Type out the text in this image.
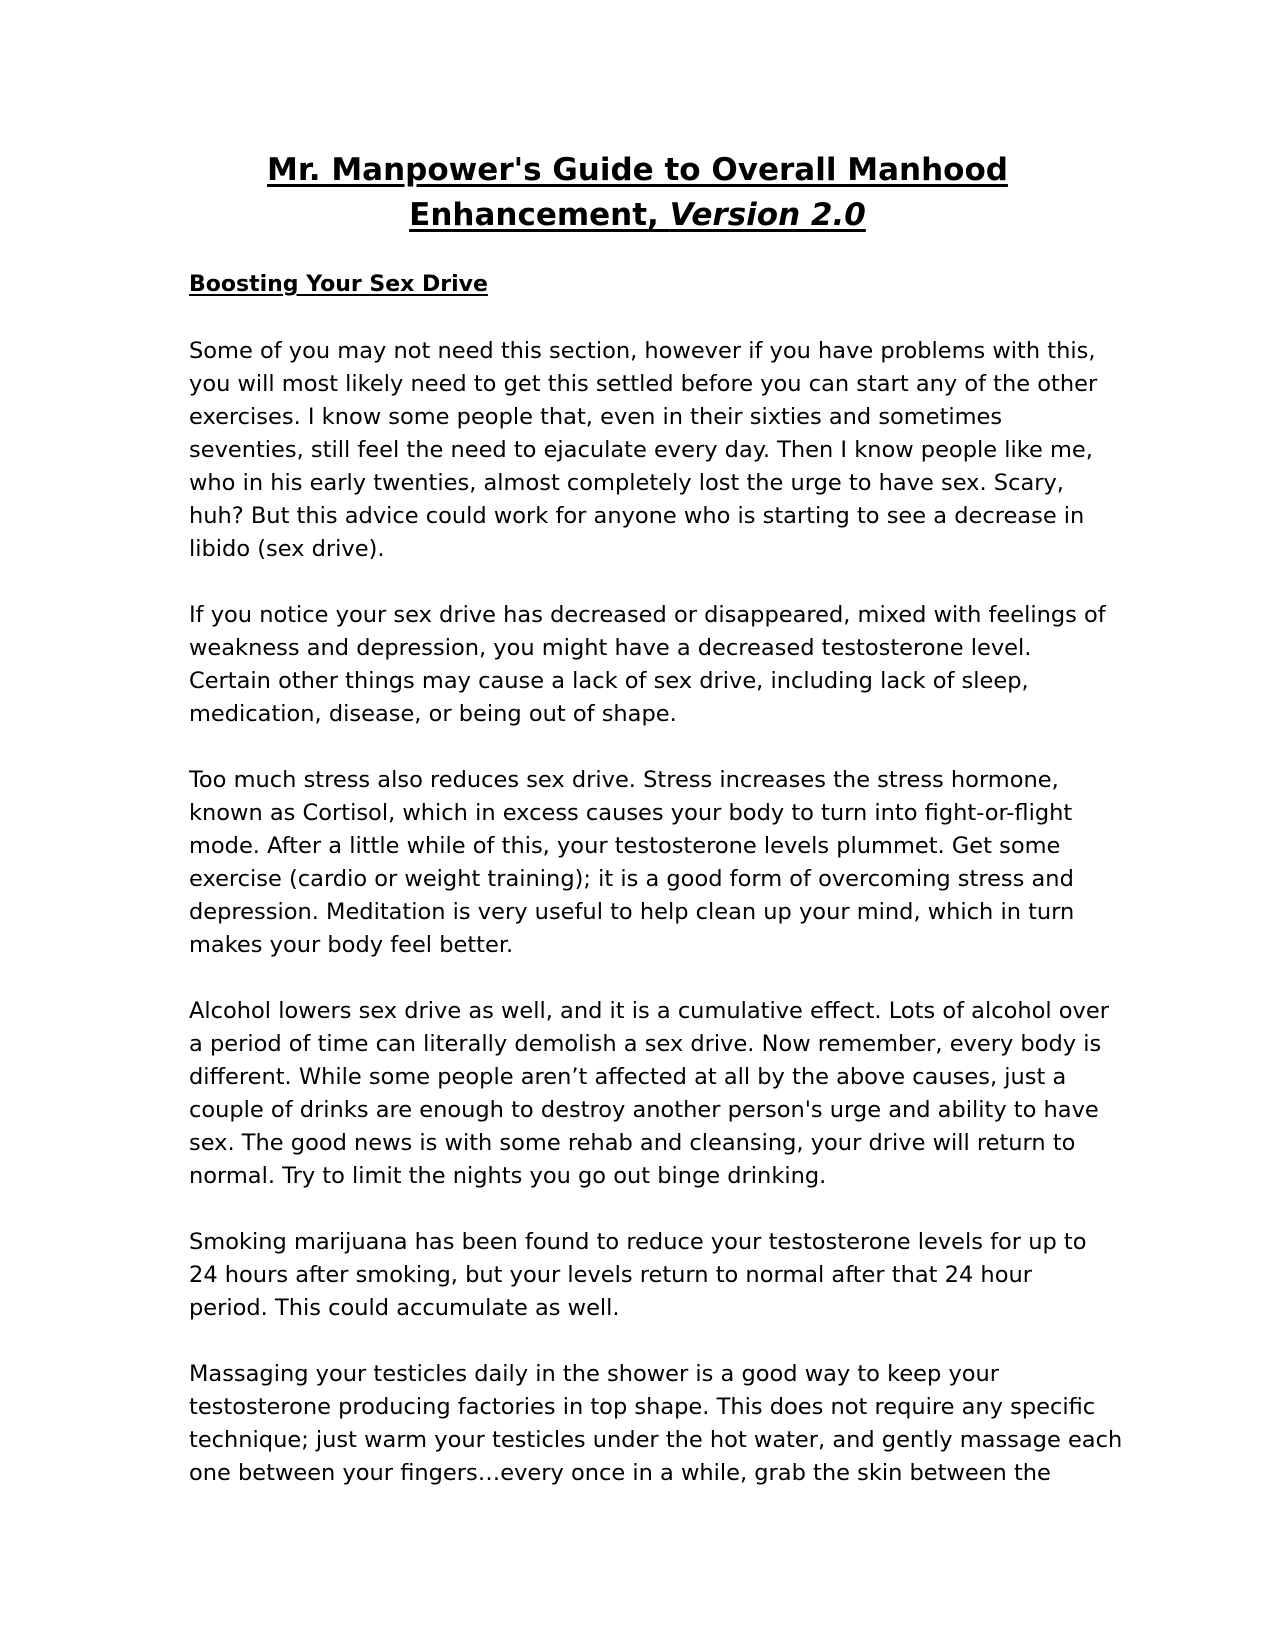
Mr. Manpower's Guide to Overall Manhood
Enhancement, Version 2.0
Boosting Your Sex Drive

Some of you may not need this section, however if you have problems with this,
you will most likely need to get this settled before you can start any of the other
exercises. I know some people that, even in their sixties and sometimes
seventies, still feel the need to ejaculate every day. Then I know people like me,
who in his early twenties, almost completely lost the urge to have sex. Scary,
huh? But this advice could work for anyone who is starting to see a decrease in
libido (sex drive).

If you notice your sex drive has decreased or disappeared, mixed with feelings of
weakness and depression, you might have a decreased testosterone level.
Certain other things may cause a lack of sex drive, including lack of sleep,
medication, disease, or being out of shape.

Too much stress also reduces sex drive. Stress increases the stress hormone,
known as Cortisol, which in excess causes your body to turn into fight-or-flight
mode. After a little while of this, your testosterone levels plummet. Get some
exercise (cardio or weight training); it is a good form of overcoming stress and
depression. Meditation is very useful to help clean up your mind, which in turn
makes your body feel better.

Alcohol lowers sex drive as well, and it is a cumulative effect. Lots of alcohol over
a period of time can literally demolish a sex drive. Now remember, every body is
different. While some people aren’t affected at all by the above causes, just a
couple of drinks are enough to destroy another person's urge and ability to have
sex. The good news is with some rehab and cleansing, your drive will return to
normal. Try to limit the nights you go out binge drinking.

Smoking marijuana has been found to reduce your testosterone levels for up to
24 hours after smoking, but your levels return to normal after that 24 hour
period. This could accumulate as well.

Massaging your testicles daily in the shower is a good way to keep your
testosterone producing factories in top shape. This does not require any specific
technique; just warm your testicles under the hot water, and gently massage each
one between your fingers…every once in a while, grab the skin between the
